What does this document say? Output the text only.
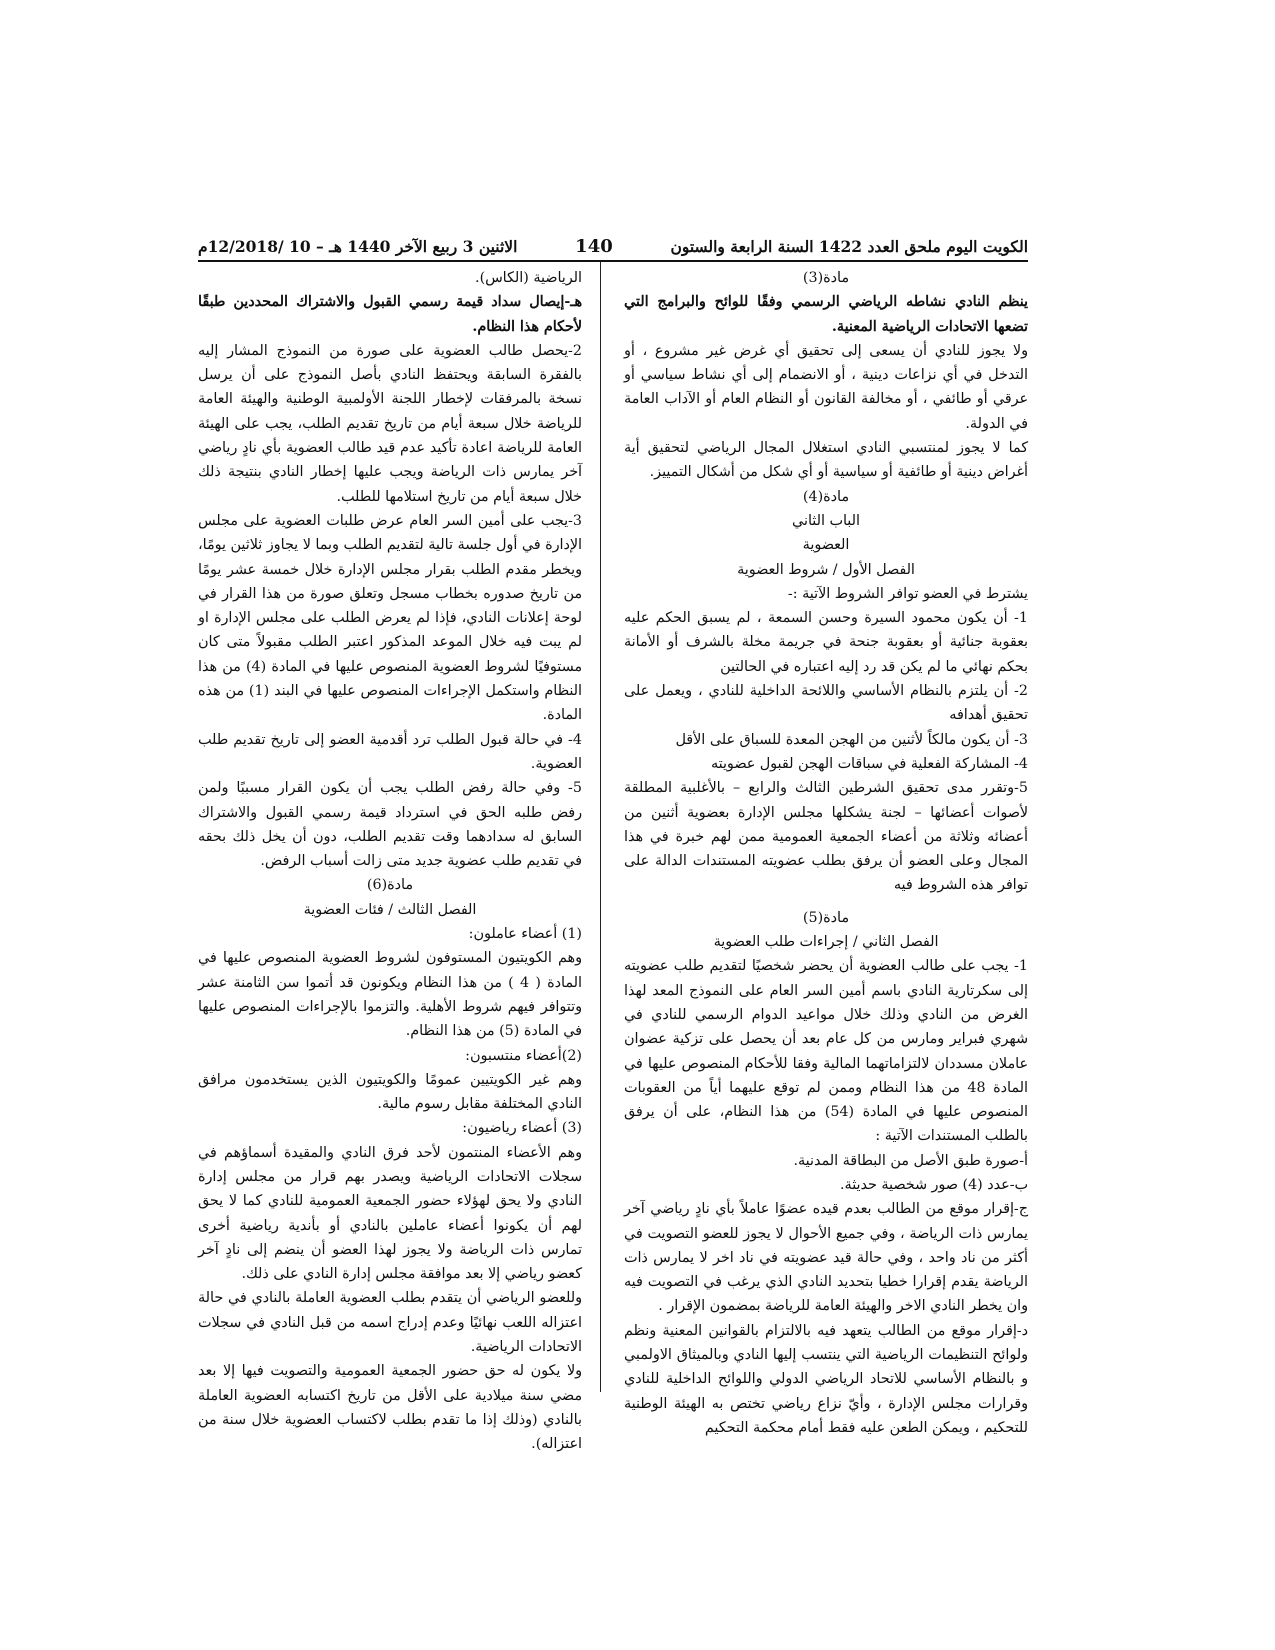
الكويت اليوم ملحق العدد 1422 السنة الرابعة والستون
140
الاثنين 3 ربيع الآخر 1440 هـ – 10 /12/2018م

مادة(3)

ينظم النادي نشاطه الرياضي الرسمي وفقًا للوائح والبرامج التي تضعها الاتحادات الرياضية المعنية.

ولا يجوز للنادي أن يسعى إلى تحقيق أي غرض غير مشروع ، أو التدخل في أي نزاعات دينية ، أو الانضمام إلى أي نشاط سياسي أو عرقي أو طائفي ، أو مخالفة القانون أو النظام العام أو الآداب العامة في الدولة.

كما لا يجوز لمنتسبي النادي استغلال المجال الرياضي لتحقيق أية أغراض دينية أو طائفية أو سياسية أو أي شكل من أشكال التمييز.

مادة(4)

الباب الثاني

العضوية

الفصل الأول / شروط العضوية

يشترط في العضو توافر الشروط الآتية :-

1- أن يكون محمود السيرة وحسن السمعة ، لم يسبق الحكم عليه بعقوبة جنائية أو بعقوبة جنحة في جريمة مخلة بالشرف أو الأمانة بحكم نهائي ما لم يكن قد رد إليه اعتباره في الحالتين

2- أن يلتزم بالنظام الأساسي واللائحة الداخلية للنادي ، ويعمل على تحقيق أهدافه

3- أن يكون مالكاً لأثنين من الهجن المعدة للسباق على الأقل

4- المشاركة الفعلية في سباقات الهجن لقبول عضويته

5-وتقرر مدى تحقيق الشرطين الثالث والرابع – بالأغلبية المطلقة لأصوات أعضائها – لجنة يشكلها مجلس الإدارة بعضوية أثنين من أعضائه وثلاثة من أعضاء الجمعية العمومية ممن لهم خبرة في هذا المجال وعلى العضو أن يرفق بطلب عضويته المستندات الدالة على توافر هذه الشروط فيه

مادة(5)

الفصل الثاني / إجراءات طلب العضوية

1- يجب على طالب العضوية أن يحضر شخصيًا لتقديم طلب عضويته إلى سكرتارية النادي باسم أمين السر العام على النموذج المعد لهذا الغرض من النادي وذلك خلال مواعيد الدوام الرسمي للنادي في شهري فبراير ومارس من كل عام بعد أن يحصل على تزكية عضوان عاملان مسددان لالتزاماتهما المالية وفقا للأحكام المنصوص عليها في المادة 48 من هذا النظام وممن لم توقع عليهما أياً من العقوبات المنصوص عليها في المادة (54) من هذا النظام، على أن يرفق بالطلب المستندات الآتية :

أ-صورة طبق الأصل من البطاقة المدنية.

ب-عدد (4) صور شخصية حديثة.

ج-إقرار موقع من الطالب بعدم قيده عضوًا عاملاً بأي نادٍ رياضي آخر يمارس ذات الرياضة ، وفي جميع الأحوال لا يجوز للعضو التصويت في أكثر من ناد واحد ، وفي حالة قيد عضويته في ناد اخر لا يمارس ذات الرياضة يقدم إقرارا خطيا بتحديد النادي الذي يرغب في التصويت فيه وان يخطر النادي الاخر والهيئة العامة للرياضة بمضمون الإقرار .

د-إقرار موقع من الطالب يتعهد فيه بالالتزام بالقوانين المعنية ونظم ولوائح التنظيمات الرياضية التي ينتسب إليها النادي وبالميثاق الاولمبي و بالنظام الأساسي للاتحاد الرياضي الدولي واللوائح الداخلية للنادي وقرارات مجلس الإدارة ، وأيّ نزاع رياضي تختص به الهيئة الوطنية للتحكيم ، ويمكن الطعن عليه فقط أمام محكمة التحكيم

الرياضية (الكاس).

هـ-إيصال سداد قيمة رسمي القبول والاشتراك المحددين طبقًا لأحكام هذا النظام.

2-يحصل طالب العضوية على صورة من النموذج المشار إليه بالفقرة السابقة ويحتفظ النادي بأصل النموذج على أن يرسل نسخة بالمرفقات لإخطار اللجنة الأولمبية الوطنية والهيئة العامة للرياضة خلال سبعة أيام من تاريخ تقديم الطلب، يجب على الهيئة العامة للرياضة اعادة تأكيد عدم قيد طالب العضوية بأي نادٍ رياضي آخر يمارس ذات الرياضة ويجب عليها إخطار النادي بنتيجة ذلك خلال سبعة أيام من تاريخ استلامها للطلب.

3-يجب على أمين السر العام عرض طلبات العضوية على مجلس الإدارة في أول جلسة تالية لتقديم الطلب وبما لا يجاوز ثلاثين يومًا، ويخطر مقدم الطلب بقرار مجلس الإدارة خلال خمسة عشر يومًا من تاريخ صدوره بخطاب مسجل وتعلق صورة من هذا القرار في لوحة إعلانات النادي، فإذا لم يعرض الطلب على مجلس الإدارة او لم يبت فيه خلال الموعد المذكور اعتبر الطلب مقبولاً متى كان مستوفيًا لشروط العضوية المنصوص عليها في المادة (4) من هذا النظام واستكمل الإجراءات المنصوص عليها في البند (1) من هذه المادة.

4- في حالة قبول الطلب ترد أقدمية العضو إلى تاريخ تقديم طلب العضوية.

5- وفي حالة رفض الطلب يجب أن يكون القرار مسببًا ولمن رفض طلبه الحق في استرداد قيمة رسمي القبول والاشتراك السابق له سدادهما وقت تقديم الطلب، دون أن يخل ذلك بحقه في تقديم طلب عضوية جديد متى زالت أسباب الرفض.

مادة(6)

الفصل الثالث / فئات العضوية

(1) أعضاء عاملون:

وهم الكويتيون المستوفون لشروط العضوية المنصوص عليها في المادة ( 4 ) من هذا النظام ويكونون قد أتموا سن الثامنة عشر وتتوافر فيهم شروط الأهلية. والتزموا بالإجراءات المنصوص عليها في المادة (5) من هذا النظام.

(2)أعضاء منتسبون:

وهم غير الكويتيين عمومًا والكويتيون الذين يستخدمون مرافق النادي المختلفة مقابل رسوم مالية.

(3) أعضاء رياضيون:

وهم الأعضاء المنتمون لأحد فرق النادي والمقيدة أسماؤهم في سجلات الاتحادات الرياضية ويصدر بهم قرار من مجلس إدارة النادي ولا يحق لهؤلاء حضور الجمعية العمومية للنادي كما لا يحق لهم أن يكونوا أعضاء عاملين بالنادي أو بأندية رياضية أخرى تمارس ذات الرياضة ولا يجوز لهذا العضو أن ينضم إلى نادٍ آخر كعضو رياضي إلا بعد موافقة مجلس إدارة النادي على ذلك.

وللعضو الرياضي أن يتقدم بطلب العضوية العاملة بالنادي في حالة اعتزاله اللعب نهائيًا وعدم إدراج اسمه من قبل النادي في سجلات الاتحادات الرياضية.

ولا يكون له حق حضور الجمعية العمومية والتصويت فيها إلا بعد مضي سنة ميلادية على الأقل من تاريخ اكتسابه العضوية العاملة بالنادي (وذلك إذا ما تقدم بطلب لاكتساب العضوية خلال سنة من اعتزاله).
